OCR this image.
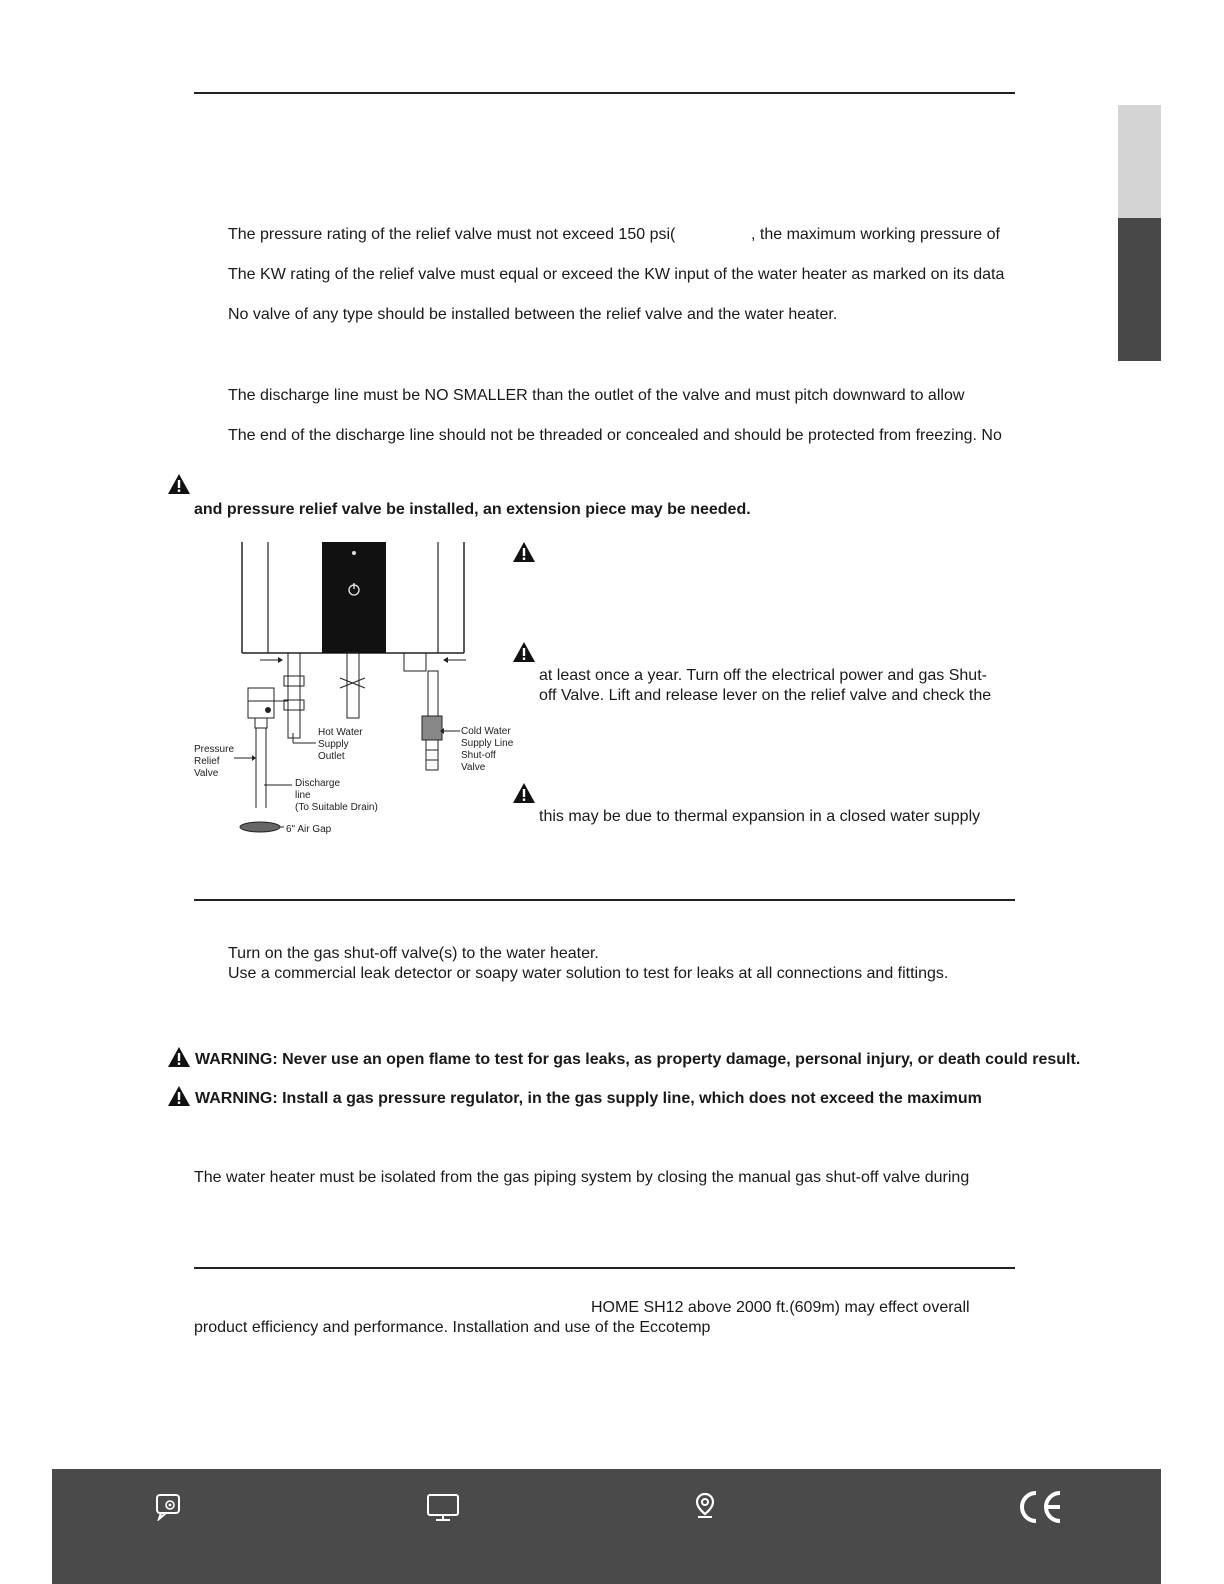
The pressure rating of the relief valve must not exceed 150 psi(	, the maximum working pressure of
The KW rating of the relief valve must equal or exceed the KW input of the water heater as marked on its data
No valve of any type should be installed between the relief valve and the water heater.
The discharge line must be NO SMALLER than the outlet of the valve and must pitch downward to allow
The end of the discharge line should not be threaded or concealed and should be protected from freezing. No
and pressure relief valve be installed, an extension piece may be needed.
Pressure
Relief
Valve
Hot Water
Supply
Outlet
Cold Water
Supply Line
Shut-off
Valve
Discharge
line
(To Suitable Drain)
6" Air Gap
at least once a year. Turn off the electrical power and gas Shut-
off Valve. Lift and release lever on the relief valve and check the
this may be due to thermal expansion in a closed water supply
Turn on the gas shut-off valve(s) to the water heater.
Use a commercial leak detector or soapy water solution to test for leaks at all connections and fittings.
WARNING: Never use an open flame to test for gas leaks, as property damage, personal injury, or death could result.
WARNING: Install a gas pressure regulator, in the gas supply line, which does not exceed the maximum
The water heater must be isolated from the gas piping system by closing the manual gas shut-off valve during
HOME SH12 above 2000 ft.(609m) may effect overall
product efficiency and performance. Installation and use of the Eccotemp
